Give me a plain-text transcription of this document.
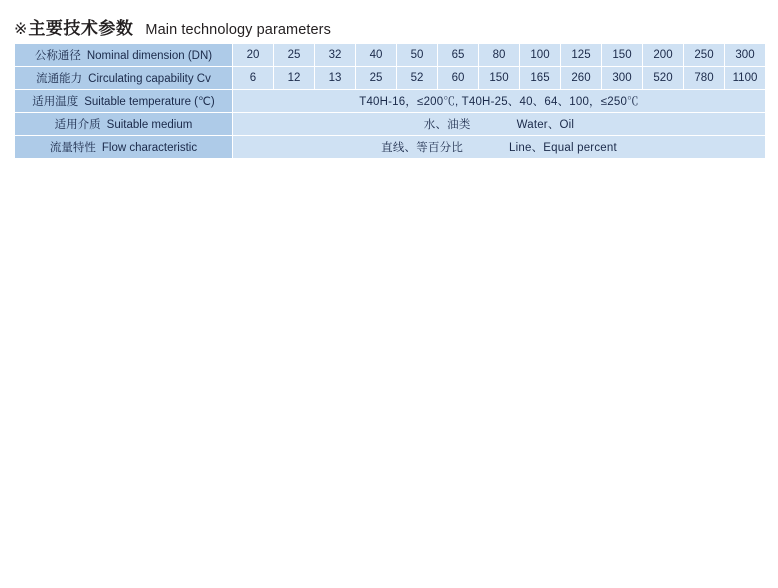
※ 主要技术参数 Main technology parameters
公称通径 Nominal dimension (DN)	20	25	32	40	50	65	80	100	125	150	200	250	300
流通能力 Circulating capability Cv	6	12	13	25	52	60	150	165	260	300	520	780	1100
适用温度 Suitable temperature (℃)	T40H-16，≤200℃, T40H-25、40、64、100，≤250℃												
适用介质 Suitable medium	水、油类 Water、Oil												
流量特性 Flow characteristic	直线、等百分比 Line、Equal percent												
